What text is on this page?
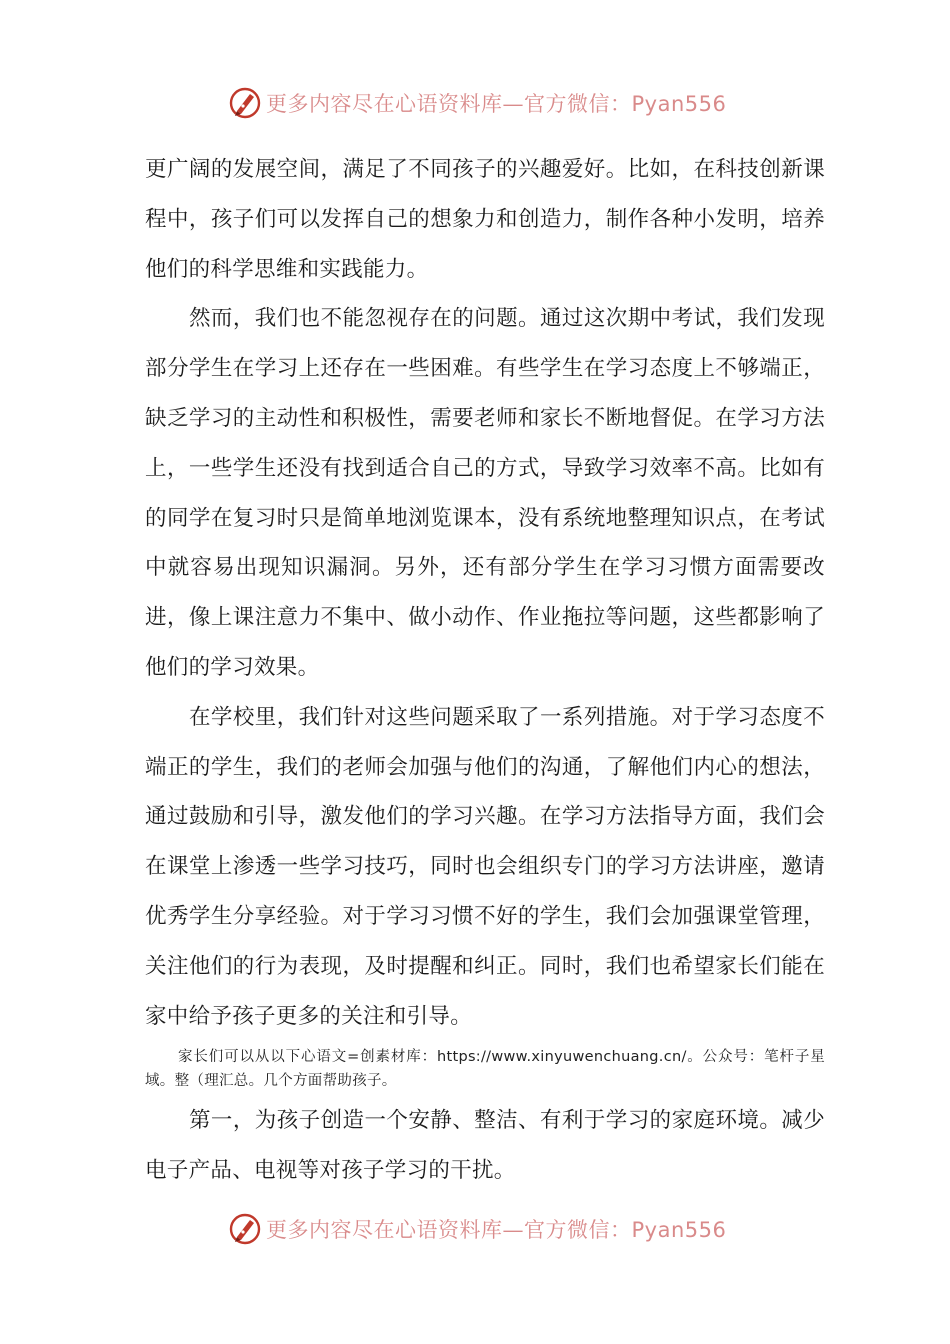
更多内容尽在心语资料库—官方微信：Pyan556

更广阔的发展空间，满足了不同孩子的兴趣爱好。比如，在科技创新课程中，孩子们可以发挥自己的想象力和创造力，制作各种小发明，培养他们的科学思维和实践能力。

然而，我们也不能忽视存在的问题。通过这次期中考试，我们发现部分学生在学习上还存在一些困难。有些学生在学习态度上不够端正，缺乏学习的主动性和积极性，需要老师和家长不断地督促。在学习方法上，一些学生还没有找到适合自己的方式，导致学习效率不高。比如有的同学在复习时只是简单地浏览课本，没有系统地整理知识点，在考试中就容易出现知识漏洞。另外，还有部分学生在学习习惯方面需要改进，像上课注意力不集中、做小动作、作业拖拉等问题，这些都影响了他们的学习效果。

在学校里，我们针对这些问题采取了一系列措施。对于学习态度不端正的学生，我们的老师会加强与他们的沟通，了解他们内心的想法，通过鼓励和引导，激发他们的学习兴趣。在学习方法指导方面，我们会在课堂上渗透一些学习技巧，同时也会组织专门的学习方法讲座，邀请优秀学生分享经验。对于学习习惯不好的学生，我们会加强课堂管理，关注他们的行为表现，及时提醒和纠正。同时，我们也希望家长们能在家中给予孩子更多的关注和引导。

家长们可以从以下心语文=创素材库：https://www.xinyuwenchuang.cn/。公众号：笔杆子星域。整（理汇总。几个方面帮助孩子。

第一，为孩子创造一个安静、整洁、有利于学习的家庭环境。减少电子产品、电视等对孩子学习的干扰。

更多内容尽在心语资料库—官方微信：Pyan556
